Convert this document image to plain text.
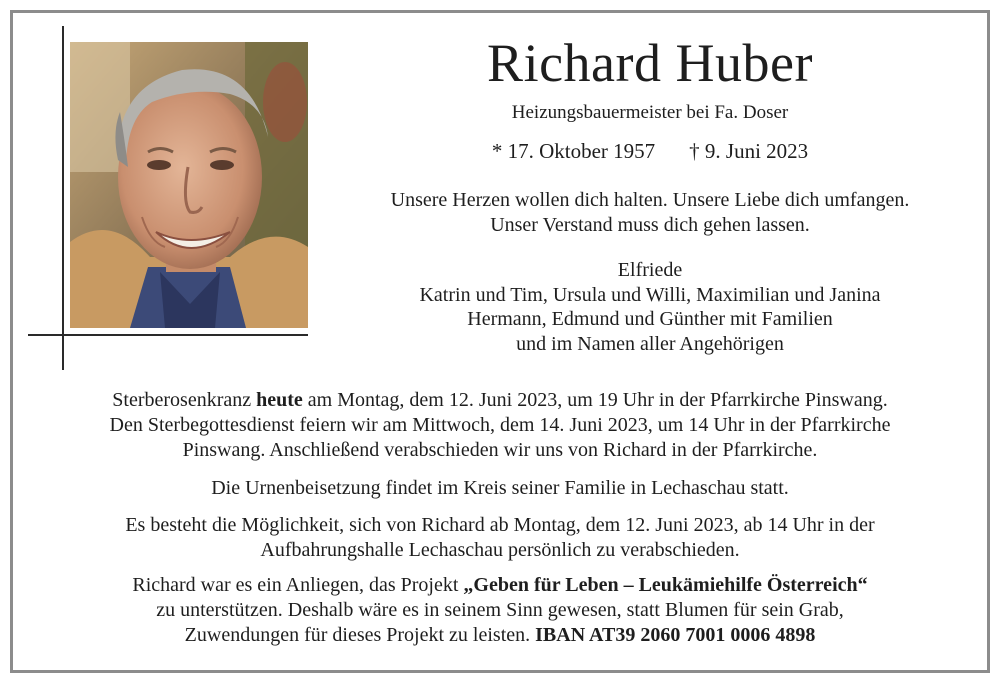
Richard Huber
Heizungsbauermeister bei Fa. Doser
* 17. Oktober 1957 † 9. Juni 2023
Unsere Herzen wollen dich halten. Unsere Liebe dich umfangen.
Unser Verstand muss dich gehen lassen.
Elfriede
Katrin und Tim, Ursula und Willi, Maximilian und Janina
Hermann, Edmund und Günther mit Familien
und im Namen aller Angehörigen
Sterberosenkranz heute am Montag, dem 12. Juni 2023, um 19 Uhr in der Pfarrkirche Pinswang.
Den Sterbegottesdienst feiern wir am Mittwoch, dem 14. Juni 2023, um 14 Uhr in der Pfarrkirche
Pinswang. Anschließend verabschieden wir uns von Richard in der Pfarrkirche.
Die Urnenbeisetzung findet im Kreis seiner Familie in Lechaschau statt.
Es besteht die Möglichkeit, sich von Richard ab Montag, dem 12. Juni 2023, ab 14 Uhr in der
Aufbahrungshalle Lechaschau persönlich zu verabschieden.
Richard war es ein Anliegen, das Projekt „Geben für Leben – Leukämiehilfe Österreich“
zu unterstützen. Deshalb wäre es in seinem Sinn gewesen, statt Blumen für sein Grab,
Zuwendungen für dieses Projekt zu leisten. IBAN AT39 2060 7001 0006 4898
